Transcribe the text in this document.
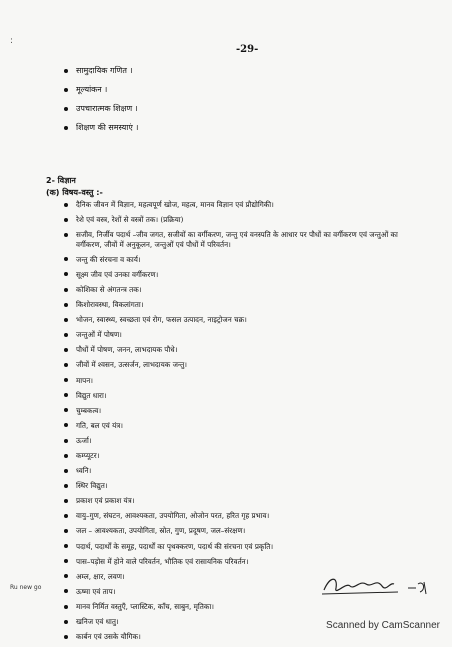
:
-29-
सामुदायिक गणित ।
मूल्यांकन ।
उपचारात्मक शिक्षण ।
शिक्षण की समस्याएं ।
2- विज्ञान
(क) विषय-वस्तु :-
दैनिक जीवन में विज्ञान, महत्वपूर्ण खोज, महत्व, मानव विज्ञान एवं प्रौद्योगिकी।
रेशे एवं वस्त्र, रेशों से वस्त्रों तक। (प्रक्रिया)
सजीव, निर्जीव पदार्थ –जीव जगत, सजीवों का वर्गीकरण, जन्तु एवं वनस्पति के आधार पर पौधों का वर्गीकरण एवं जन्तुओं का वर्गीकरण, जीवों में अनुकूलन, जन्तुओं एवं पौधों में परिवर्तन।
जन्तु की संरचना व कार्य।
सूक्ष्म जीव एवं उनका वर्गीकरण।
कोशिका से अंगतन्त्र तक।
किशोरावस्था, विकलांगता।
भोजन, स्वास्थ्य, स्वच्छता एवं रोग, फसल उत्पादन, नाइट्रोजन चक्र।
जन्तुओं में पोषण।
पौधों में पोषण, जनन, लाभदायक पौधे।
जीवों में श्वसन, उत्सर्जन, लाभदायक जन्तु।
मापन।
विद्युत धारा।
चुम्बकत्व।
गति, बल एवं यंत्र।
ऊर्जा।
कम्प्यूटर।
ध्वनि।
स्थिर विद्युत।
प्रकाश एवं प्रकाश यंत्र।
वायु–गुण, संघटन, आवश्यकता, उपयोगिता, ओजोन परत, हरित गृह प्रभाव।
जल – आवश्यकता, उपयोगिता, स्रोत, गुण, प्रदूषण, जल–संरक्षण।
पदार्थ, पदार्थों के समूह, पदार्थों का पृथक्करण, पदार्थ की संरचना एवं प्रकृति।
पास–पड़ोस में होने वाले परिवर्तन, भौतिक एवं रासायनिक परिवर्तन।
अम्ल, क्षार, लवण।
ऊष्मा एवं ताप।
मानव निर्मित वस्तुएँ, प्लास्टिक, काँच, साबुन, मृतिका।
खनिज एवं धातु।
कार्बन एवं उसके यौगिक।
Ru new go
Scanned by CamScanner
